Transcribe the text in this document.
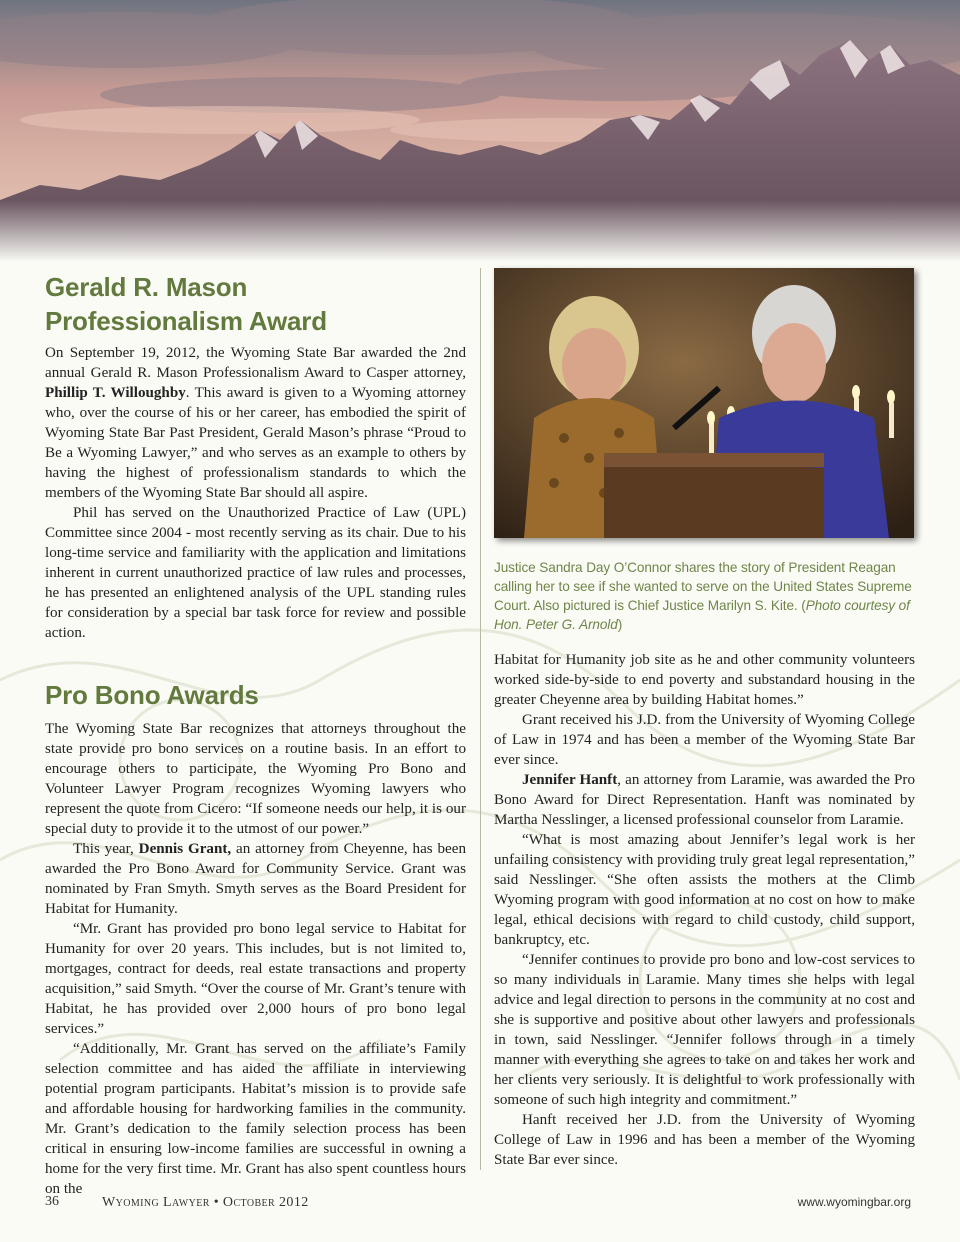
Gerald R. Mason
Professionalism Award

On September 19, 2012, the Wyoming State Bar awarded the 2nd annual Gerald R. Mason Professionalism Award to Casper attorney, Phillip T. Willoughby. This award is given to a Wyoming attorney who, over the course of his or her career, has embodied the spirit of Wyoming State Bar Past President, Gerald Mason’s phrase “Proud to Be a Wyoming Lawyer,” and who serves as an example to others by having the highest of professionalism standards to which the members of the Wyoming State Bar should all aspire.

Phil has served on the Unauthorized Practice of Law (UPL) Committee since 2004 - most recently serving as its chair. Due to his long-time service and familiarity with the application and limitations inherent in current unauthorized practice of law rules and processes, he has presented an enlightened analysis of the UPL standing rules for consideration by a special bar task force for review and possible action.

Pro Bono Awards

The Wyoming State Bar recognizes that attorneys throughout the state provide pro bono services on a routine basis. In an effort to encourage others to participate, the Wyoming Pro Bono and Volunteer Lawyer Program recognizes Wyoming lawyers who represent the quote from Cicero: “If someone needs our help, it is our special duty to provide it to the utmost of our power.”

This year, Dennis Grant, an attorney from Cheyenne, has been awarded the Pro Bono Award for Community Service. Grant was nominated by Fran Smyth. Smyth serves as the Board President for Habitat for Humanity.

“Mr. Grant has provided pro bono legal service to Habitat for Humanity for over 20 years. This includes, but is not limited to, mortgages, contract for deeds, real estate transactions and property acquisition,” said Smyth. “Over the course of Mr. Grant’s tenure with Habitat, he has provided over 2,000 hours of pro bono legal services.”

“Additionally, Mr. Grant has served on the affiliate’s Family selection committee and has aided the affiliate in interviewing potential program participants. Habitat’s mission is to provide safe and affordable housing for hardworking families in the community. Mr. Grant’s dedication to the family selection process has been critical in ensuring low-income families are successful in owning a home for the very first time. Mr. Grant has also spent countless hours on the

Justice Sandra Day O’Connor shares the story of President Reagan calling her to see if she wanted to serve on the United States Supreme Court. Also pictured is Chief Justice Marilyn S. Kite. (Photo courtesy of Hon. Peter G. Arnold)

Habitat for Humanity job site as he and other community volunteers worked side-by-side to end poverty and substandard housing in the greater Cheyenne area by building Habitat homes.”

Grant received his J.D. from the University of Wyoming College of Law in 1974 and has been a member of the Wyoming State Bar ever since.

Jennifer Hanft, an attorney from Laramie, was awarded the Pro Bono Award for Direct Representation. Hanft was nominated by Martha Nesslinger, a licensed professional counselor from Laramie.

“What is most amazing about Jennifer’s legal work is her unfailing consistency with providing truly great legal representation,” said Nesslinger. “She often assists the mothers at the Climb Wyoming program with good information at no cost on how to make legal, ethical decisions with regard to child custody, child support, bankruptcy, etc.

“Jennifer continues to provide pro bono and low-cost services to so many individuals in Laramie. Many times she helps with legal advice and legal direction to persons in the community at no cost and she is supportive and positive about other lawyers and professionals in town, said Nesslinger. “Jennifer follows through in a timely manner with everything she agrees to take on and takes her work and her clients very seriously. It is delightful to work professionally with someone of such high integrity and commitment.”

Hanft received her J.D. from the University of Wyoming College of Law in 1996 and has been a member of the Wyoming State Bar ever since.

36	Wyoming Lawyer • October 2012	www.wyomingbar.org
